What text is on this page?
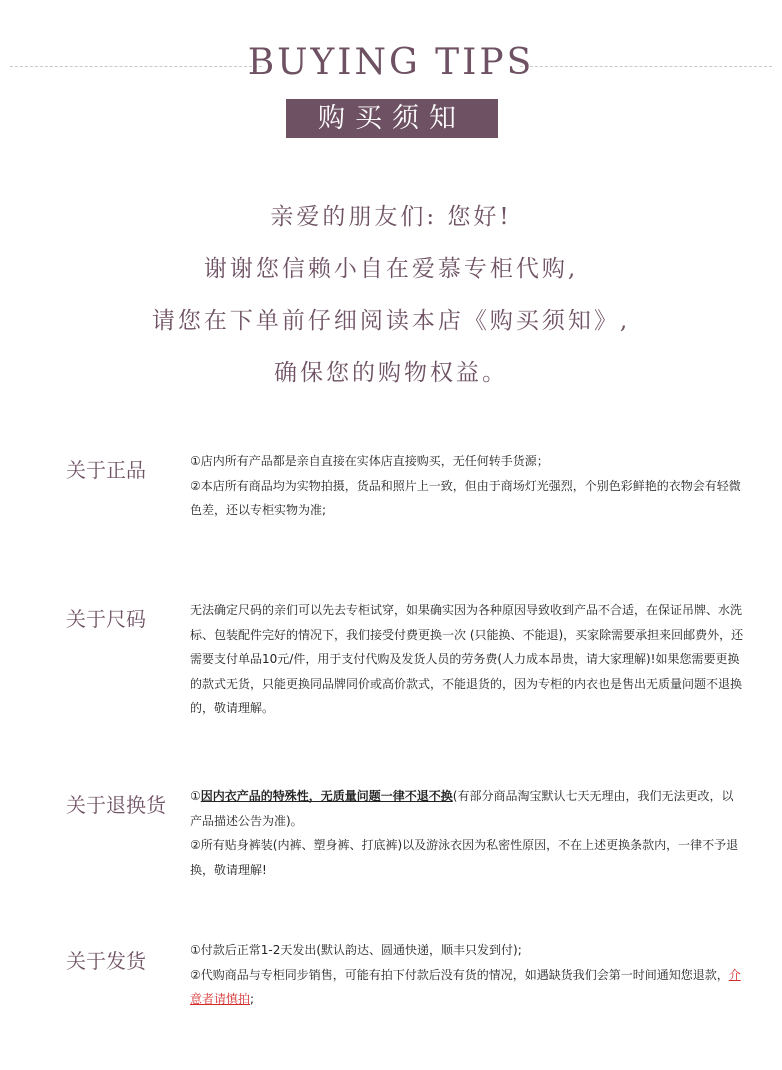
BUYING TIPS
购买须知
亲爱的朋友们: 您好!
谢谢您信赖小自在爱慕专柜代购,
请您在下单前仔细阅读本店《购买须知》,
确保您的购物权益。
关于正品	①店内所有产品都是亲自直接在实体店直接购买，无任何转手货源；

②本店所有商品均为实物拍摄，货品和照片上一致，但由于商场灯光强烈，个别色彩鲜艳的衣物会有轻微色差，还以专柜实物为准;

关于尺码	无法确定尺码的亲们可以先去专柜试穿，如果确实因为各种原因导致收到产品不合适，在保证吊牌、水洗标、包装配件完好的情况下，我们接受付费更换一次 (只能换、不能退)，买家除需要承担来回邮费外，还需要支付单品10元/件，用于支付代购及发货人员的劳务费(人力成本昂贵，请大家理解)!如果您需要更换的款式无货，只能更换同品牌同价或高价款式，不能退货的，因为专柜的内衣也是售出无质量问题不退换的，敬请理解。

关于退换货 ①因内衣产品的特殊性，无质量问题一律不退不换(有部分商品淘宝默认七天无理由，我们无法更改，以产品描述公告为准)。

②所有贴身裤装(内裤、塑身裤、打底裤)以及游泳衣因为私密性原因，不在上述更换条款内，一律不予退换，敬请理解!

关于发货	①付款后正常1-2天发出(默认韵达、圆通快递，顺丰只发到付);

②代购商品与专柜同步销售，可能有拍下付款后没有货的情况，如遇缺货我们会第一时间通知您退款，介意者请慎拍;
